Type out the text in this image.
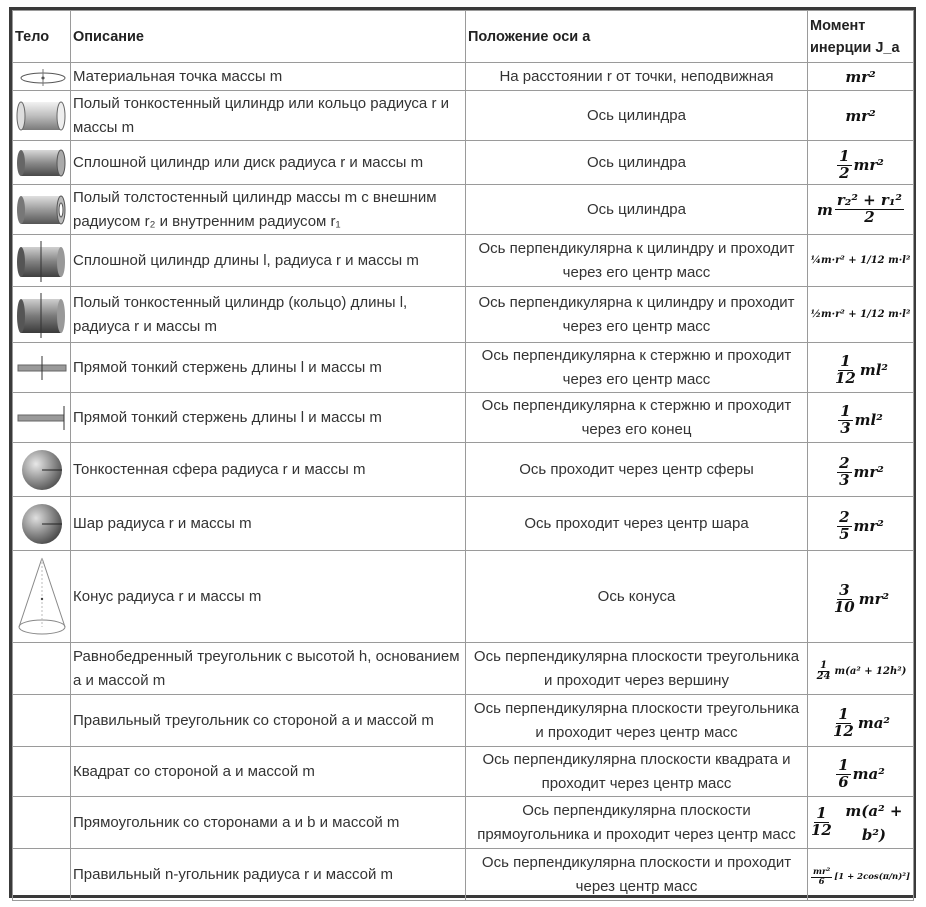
Тело	Описание	Положение оси a	Момент инерции J_a

	Материальная точка массы m	На расстоянии r от точки, неподвижная	mr²

	Полый тонкостенный цилиндр или кольцо радиуса r и массы m	Ось цилиндра	mr²

	Сплошной цилиндр или диск радиуса r и массы m	Ось цилиндра	$\frac{1}{2} mr^2$

	Полый толстостенный цилиндр массы m с внешним радиусом r₂ и внутренним радиусом r₁	Ось цилиндра	m $\frac{\text{r₂² + r₁²}}{2}$

	Сплошной цилиндр длины l, радиуса r и массы m	Ось перпендикулярна к цилиндру и проходит через его центр масс	¼m·r² + 1/12 m·l²

	Полый тонкостенный цилиндр (кольцо) длины l, радиуса r и массы m	Ось перпендикулярна к цилиндру и проходит через его центр масс	½m·r² + 1/12 m·l²

	Прямой тонкий стержень длины l и массы m	Ось перпендикулярна к стержню и проходит через его центр масс	$\frac{1}{12} ml^2$

	Прямой тонкий стержень длины l и массы m	Ось перпендикулярна к стержню и проходит через его конец	$\frac{1}{3} ml^2$

	Тонкостенная сфера радиуса r и массы m	Ось проходит через центр сферы	$\frac{2}{3} mr^2$

	Шар радиуса r и массы m	Ось проходит через центр шара	$\frac{2}{5} mr^2$

	Конус радиуса r и массы m	Ось конуса	$\frac{3}{10} mr^2$

	Равнобедренный треугольник с высотой h, основанием a и массой m	Ось перпендикулярна плоскости треугольника и проходит через вершину	$\frac{1}{24} m(a^2 + 12h^2)$

	Правильный треугольник со стороной a и массой m	Ось перпендикулярна плоскости треугольника и проходит через центр масс	$\frac{1}{12} ma^2$

	Квадрат со стороной a и массой m	Ось перпендикулярна плоскости квадрата и проходит через центр масс	$\frac{1}{6} ma^2$

	Прямоугольник со сторонами a и b и массой m	Ось перпендикулярна плоскости прямоугольника и проходит через центр масс	$\frac{1}{12} m(a^2 + b^2)$

	Правильный n-угольник радиуса r и массой m	Ось перпендикулярна плоскости и проходит через центр масс	$\frac{\text{mr²}}{6} [1 + 2\cos(\pi/n)^2]$
